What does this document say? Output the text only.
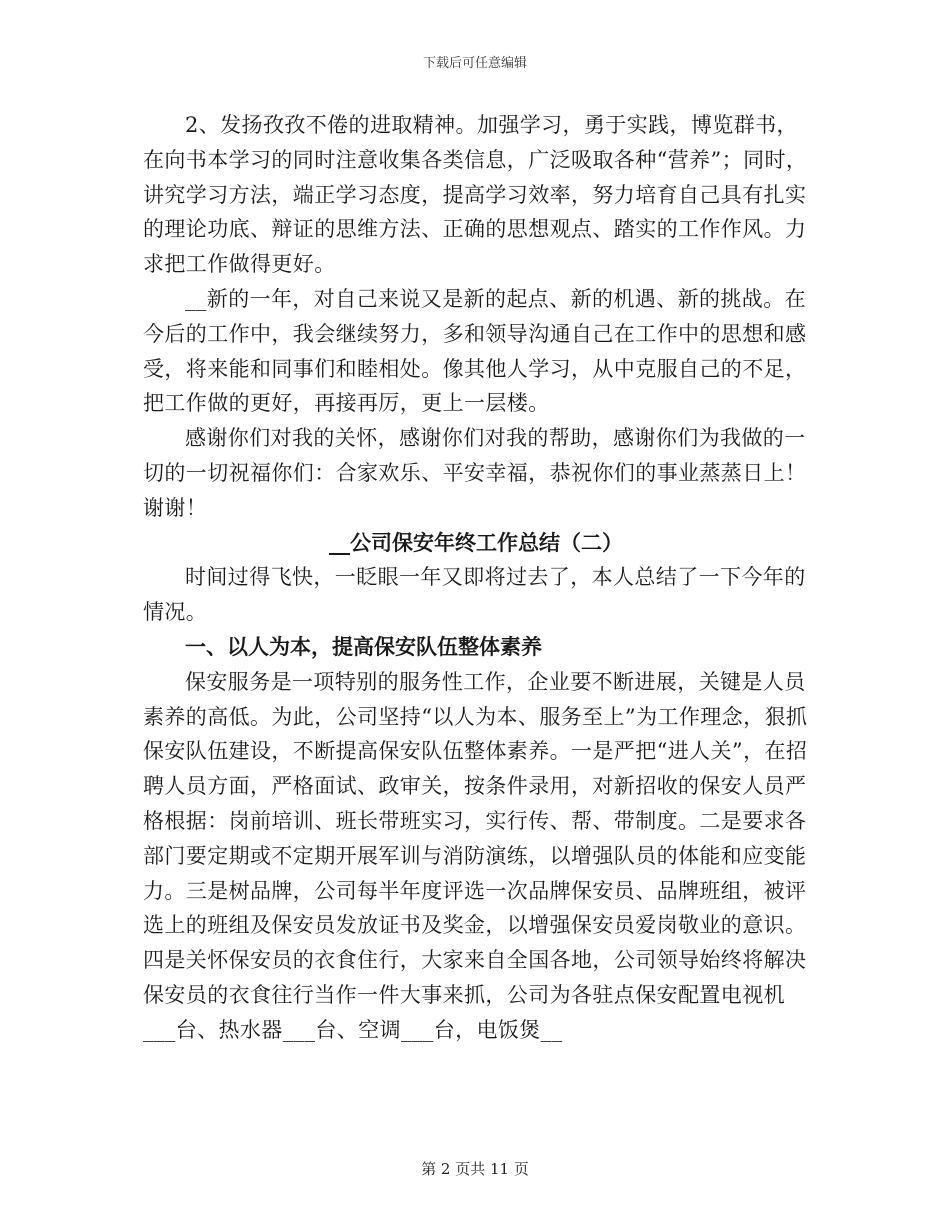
下载后可任意编辑

2、发扬孜孜不倦的进取精神。加强学习，勇于实践，博览群书，在向书本学习的同时注意收集各类信息，广泛吸取各种“营养”；同时，讲究学习方法，端正学习态度，提高学习效率，努力培育自己具有扎实的理论功底、辩证的思维方法、正确的思想观点、踏实的工作作风。力求把工作做得更好。

__新的一年，对自己来说又是新的起点、新的机遇、新的挑战。在今后的工作中，我会继续努力，多和领导沟通自己在工作中的思想和感受，将来能和同事们和睦相处。像其他人学习，从中克服自己的不足，把工作做的更好，再接再厉，更上一层楼。

感谢你们对我的关怀，感谢你们对我的帮助，感谢你们为我做的一切的一切祝福你们：合家欢乐、平安幸福，恭祝你们的事业蒸蒸日上！谢谢！

__公司保安年终工作总结（二）

时间过得飞快，一眨眼一年又即将过去了，本人总结了一下今年的情况。

一、以人为本，提高保安队伍整体素养

保安服务是一项特别的服务性工作，企业要不断进展，关键是人员素养的高低。为此，公司坚持“以人为本、服务至上”为工作理念，狠抓保安队伍建设，不断提高保安队伍整体素养。一是严把“进人关”，在招聘人员方面，严格面试、政审关，按条件录用，对新招收的保安人员严格根据：岗前培训、班长带班实习，实行传、帮、带制度。二是要求各部门要定期或不定期开展军训与消防演练，以增强队员的体能和应变能力。三是树品牌，公司每半年度评选一次品牌保安员、品牌班组，被评选上的班组及保安员发放证书及奖金，以增强保安员爱岗敬业的意识。四是关怀保安员的衣食住行，大家来自全国各地，公司领导始终将解决保安员的衣食往行当作一件大事来抓，公司为各驻点保安配置电视机___台、热水器___台、空调___台，电饭煲__

第 2 页共 11 页
